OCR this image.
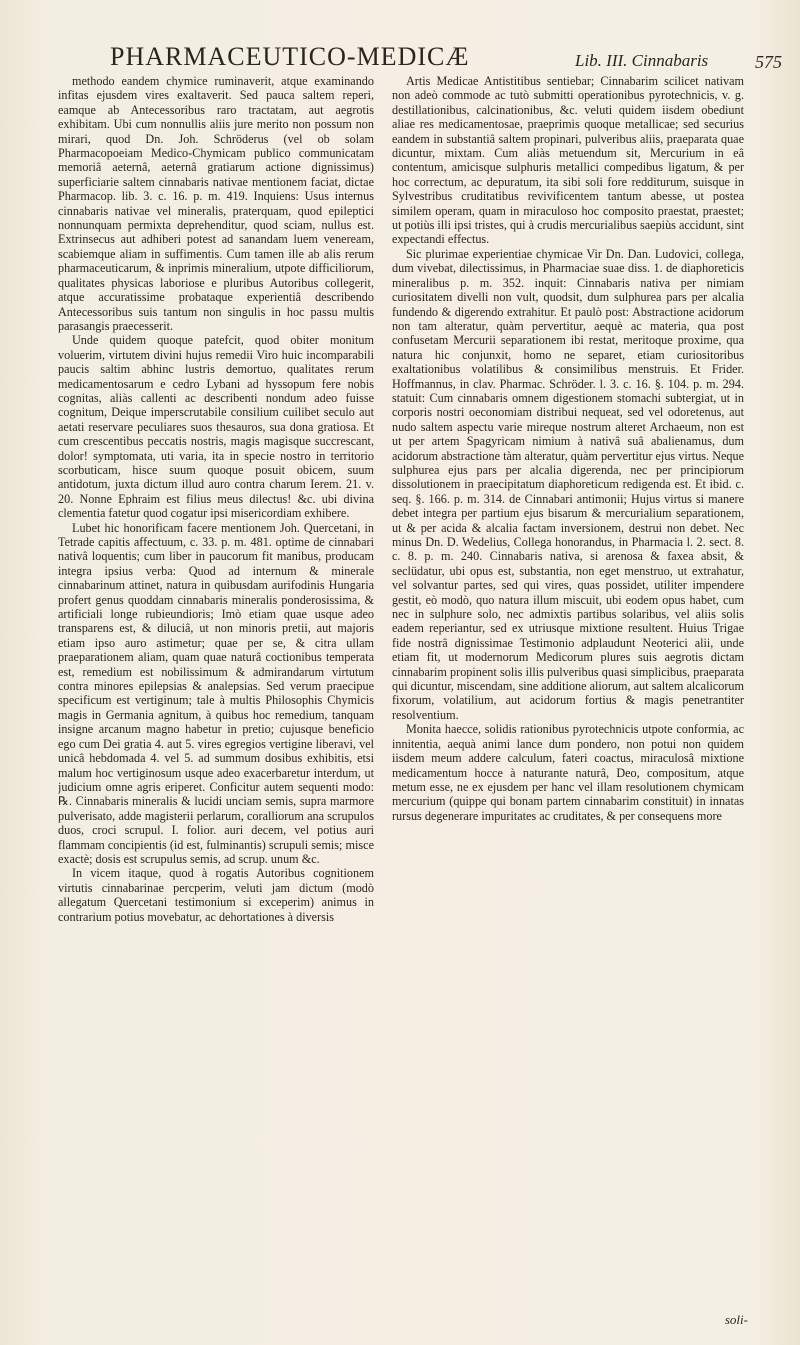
PHARMACEUTICO-MEDICÆ	Lib. III. Cinnabaris	575

methodo eandem chymice ruminaverit, atque examinando infitas ejusdem vires exaltaverit. Sed pauca saltem reperi, eamque ab Antecessoribus raro tractatam, aut aegrotis exhibitam. Ubi cum nonnullis aliis jure merito non possum non mirari, quod Dn. Joh. Schröderus (vel ob solam Pharmacopoeiam Medico-Chymicam publico communicatam memoriâ aeternâ, aeternâ gratiarum actione dignissimus) superficiarie saltem cinnabaris nativae mentionem faciat, dictae Pharmacop. lib. 3. c. 16. p. m. 419. Inquiens: Usus internus cinnabaris nativae vel mineralis, praterquam, quod epileptici nonnunquam permixta deprehenditur, quod sciam, nullus est. Extrinsecus aut adhiberi potest ad sanandam luem veneream, scabiemque aliam in suffimentis. Cum tamen ille ab alis rerum pharmaceuticarum, & inprimis mineralium, utpote difficiliorum, qualitates physicas laboriose e pluribus Autoribus collegerit, atque accuratissime probataque experientiâ describendo Antecessoribus suis tantum non singulis in hoc passu multis parasangis praecesserit.

Unde quidem quoque patefcit, quod obiter monitum voluerim, virtutem divini hujus remedii Viro huic incomparabili paucis saltim abhinc lustris demortuo, qualitates rerum medicamentosarum e cedro Lybani ad hyssopum fere nobis cognitas, aliàs callenti ac describenti nondum adeo fuisse cognitum, Deique imperscrutabile consilium cuilibet seculo aut aetati reservare peculiares suos thesauros, sua dona gratiosa. Et cum crescentibus peccatis nostris, magis magisque succrescant, dolor! symptomata, uti varia, ita in specie nostro in territorio scorbuticam, hisce suum quoque posuit obicem, suum antidotum, juxta dictum illud auro contra charum Ierem. 21. v. 20. Nonne Ephraim est filius meus dilectus! &c. ubi divina clementia fatetur quod cogatur ipsi misericordiam exhibere.

Lubet hic honorificam facere mentionem Joh. Quercetani, in Tetrade capitis affectuum, c. 33. p. m. 481. optime de cinnabari nativâ loquentis; cum liber in paucorum fit manibus, producam integra ipsius verba: Quod ad internum & minerale cinnabarinum attinet, natura in quibusdam aurifodinis Hungaria profert genus quoddam cinnabaris mineralis ponderosissima, & artificiali longe rubieundioris; Imò etiam quae usque adeo transparens est, & diluciâ, ut non minoris pretii, aut majoris etiam ipso auro astimetur; quae per se, & citra ullam praeparationem aliam, quam quae naturâ coctionibus temperata est, remedium est nobilissimum & admirandarum virtutum contra minores epilepsias & analepsias. Sed verum praecipue specificum est vertiginum; tale à multis Philosophis Chymicis magis in Germania agnitum, à quibus hoc remedium, tanquam insigne arcanum magno habetur in pretio; cujusque beneficio ego cum Dei gratia 4. aut 5. vires egregios vertigine liberavi, vel unicâ hebdomada 4. vel 5. ad summum dosibus exhibitis, etsi malum hoc vertiginosum usque adeo exacerbaretur interdum, ut judicium omne agris eriperet. Conficitur autem sequenti modo: ℞. Cinnabaris mineralis & lucidi unciam semis, supra marmore pulverisato, adde magisterii perlarum, coralliorum ana scrupulos duos, croci scrupul. I. folior. auri decem, vel potius auri flammam concipientis (id est, fulminantis) scrupuli semis; misce exactè; dosis est scrupulus semis, ad scrup. unum &c.

In vicem itaque, quod à rogatis Autoribus cognitionem virtutis cinnabarinae percperim, veluti jam dictum (modò allegatum Quercetani testimonium si exceperim) animus in contrarium potius movebatur, ac dehortationes à diversis

Artis Medicae Antistitibus sentiebar; Cinnabarim scilicet nativam non adeò commode ac tutò submitti operationibus pyrotechnicis, v. g. destillationibus, calcinationibus, &c. veluti quidem iisdem obediunt aliae res medicamentosae, praeprimis quoque metallicae; sed securius eandem in substantiâ saltem propinari, pulveribus aliis, praeparata quae dicuntur, mixtam. Cum aliàs metuendum sit, Mercurium in eâ contentum, amicisque sulphuris metallici compedibus ligatum, & per hoc correctum, ac depuratum, ita sibi soli fore redditurum, suisque in Sylvestribus cruditatibus revivificentem tantum abesse, ut postea similem operam, quam in miraculoso hoc composito praestat, praestet; ut potiùs illi ipsi tristes, qui à crudis mercurialibus saepiùs accidunt, sint expectandi effectus.

Sic plurimae experientiae chymicae Vir Dn. Dan. Ludovici, collega, dum vivebat, dilectissimus, in Pharmaciae suae diss. 1. de diaphoreticis mineralibus p. m. 352. inquit: Cinnabaris nativa per nimiam curiositatem divelli non vult, quodsit, dum sulphurea pars per alcalia fundendo & digerendo extrahitur. Et paulò post: Abstractione acidorum non tam alteratur, quàm pervertitur, aequè ac materia, qua post confusetam Mercurii separationem ibi restat, meritoque proxime, qua natura hic conjunxit, homo ne separet, etiam curiositoribus exaltationibus volatilibus & consimilibus menstruis. Et Frider. Hoffmannus, in clav. Pharmac. Schröder. l. 3. c. 16. §. 104. p. m. 294. statuit: Cum cinnabaris omnem digestionem stomachi subtergiat, ut in corporis nostri oeconomiam distribui nequeat, sed vel odoretenus, aut nudo saltem aspectu varie mireque nostrum alteret Archaeum, non est ut per artem Spagyricam nimium à nativâ suâ abalienamus, dum acidorum abstractione tàm alteratur, quàm pervertitur ejus virtus. Neque sulphurea ejus pars per alcalia digerenda, nec per principiorum dissolutionem in praecipitatum diaphoreticum redigenda est. Et ibid. c. seq. §. 166. p. m. 314. de Cinnabari antimonii; Hujus virtus si manere debet integra per partium ejus bisarum & mercurialium separationem, ut & per acida & alcalia factam inversionem, destrui non debet. Nec minus Dn. D. Wedelius, Collega honorandus, in Pharmacia l. 2. sect. 8. c. 8. p. m. 240. Cinnabaris nativa, si arenosa & faxea absit, & seclüdatur, ubi opus est, substantia, non eget menstruo, ut extrahatur, vel solvantur partes, sed qui vires, quas possidet, utiliter impendere gestit, eò modò, quo natura illum miscuit, ubi eodem opus habet, cum nec in sulphure solo, nec admixtis partibus solaribus, vel aliis solis eadem reperiantur, sed ex utriusque mixtione resultent. Huius Trigae fide nostrâ dignissimae Testimonio adplaudunt Neoterici alii, unde etiam fit, ut modernorum Medicorum plures suis aegrotis dictam cinnabarim propinent solis illis pulveribus quasi simplicibus, praeparata qui dicuntur, miscendam, sine additione aliorum, aut saltem alcalicorum fixorum, volatilium, aut acidorum fortius & magis penetrantiter resolventium.

Monita haecce, solidis rationibus pyrotechnicis utpote conformia, ac innitentia, aequà animi lance dum pondero, non potui non quidem iisdem meum addere calculum, fateri coactus, miraculosâ mixtione medicamentum hocce à naturante naturâ, Deo, compositum, atque metum esse, ne ex ejusdem per hanc vel illam resolutionem chymicam mercurium (quippe qui bonam partem cinnabarim constituit) in innatas rursus degenerare impuritates ac cruditates, & per consequens more

soli-
